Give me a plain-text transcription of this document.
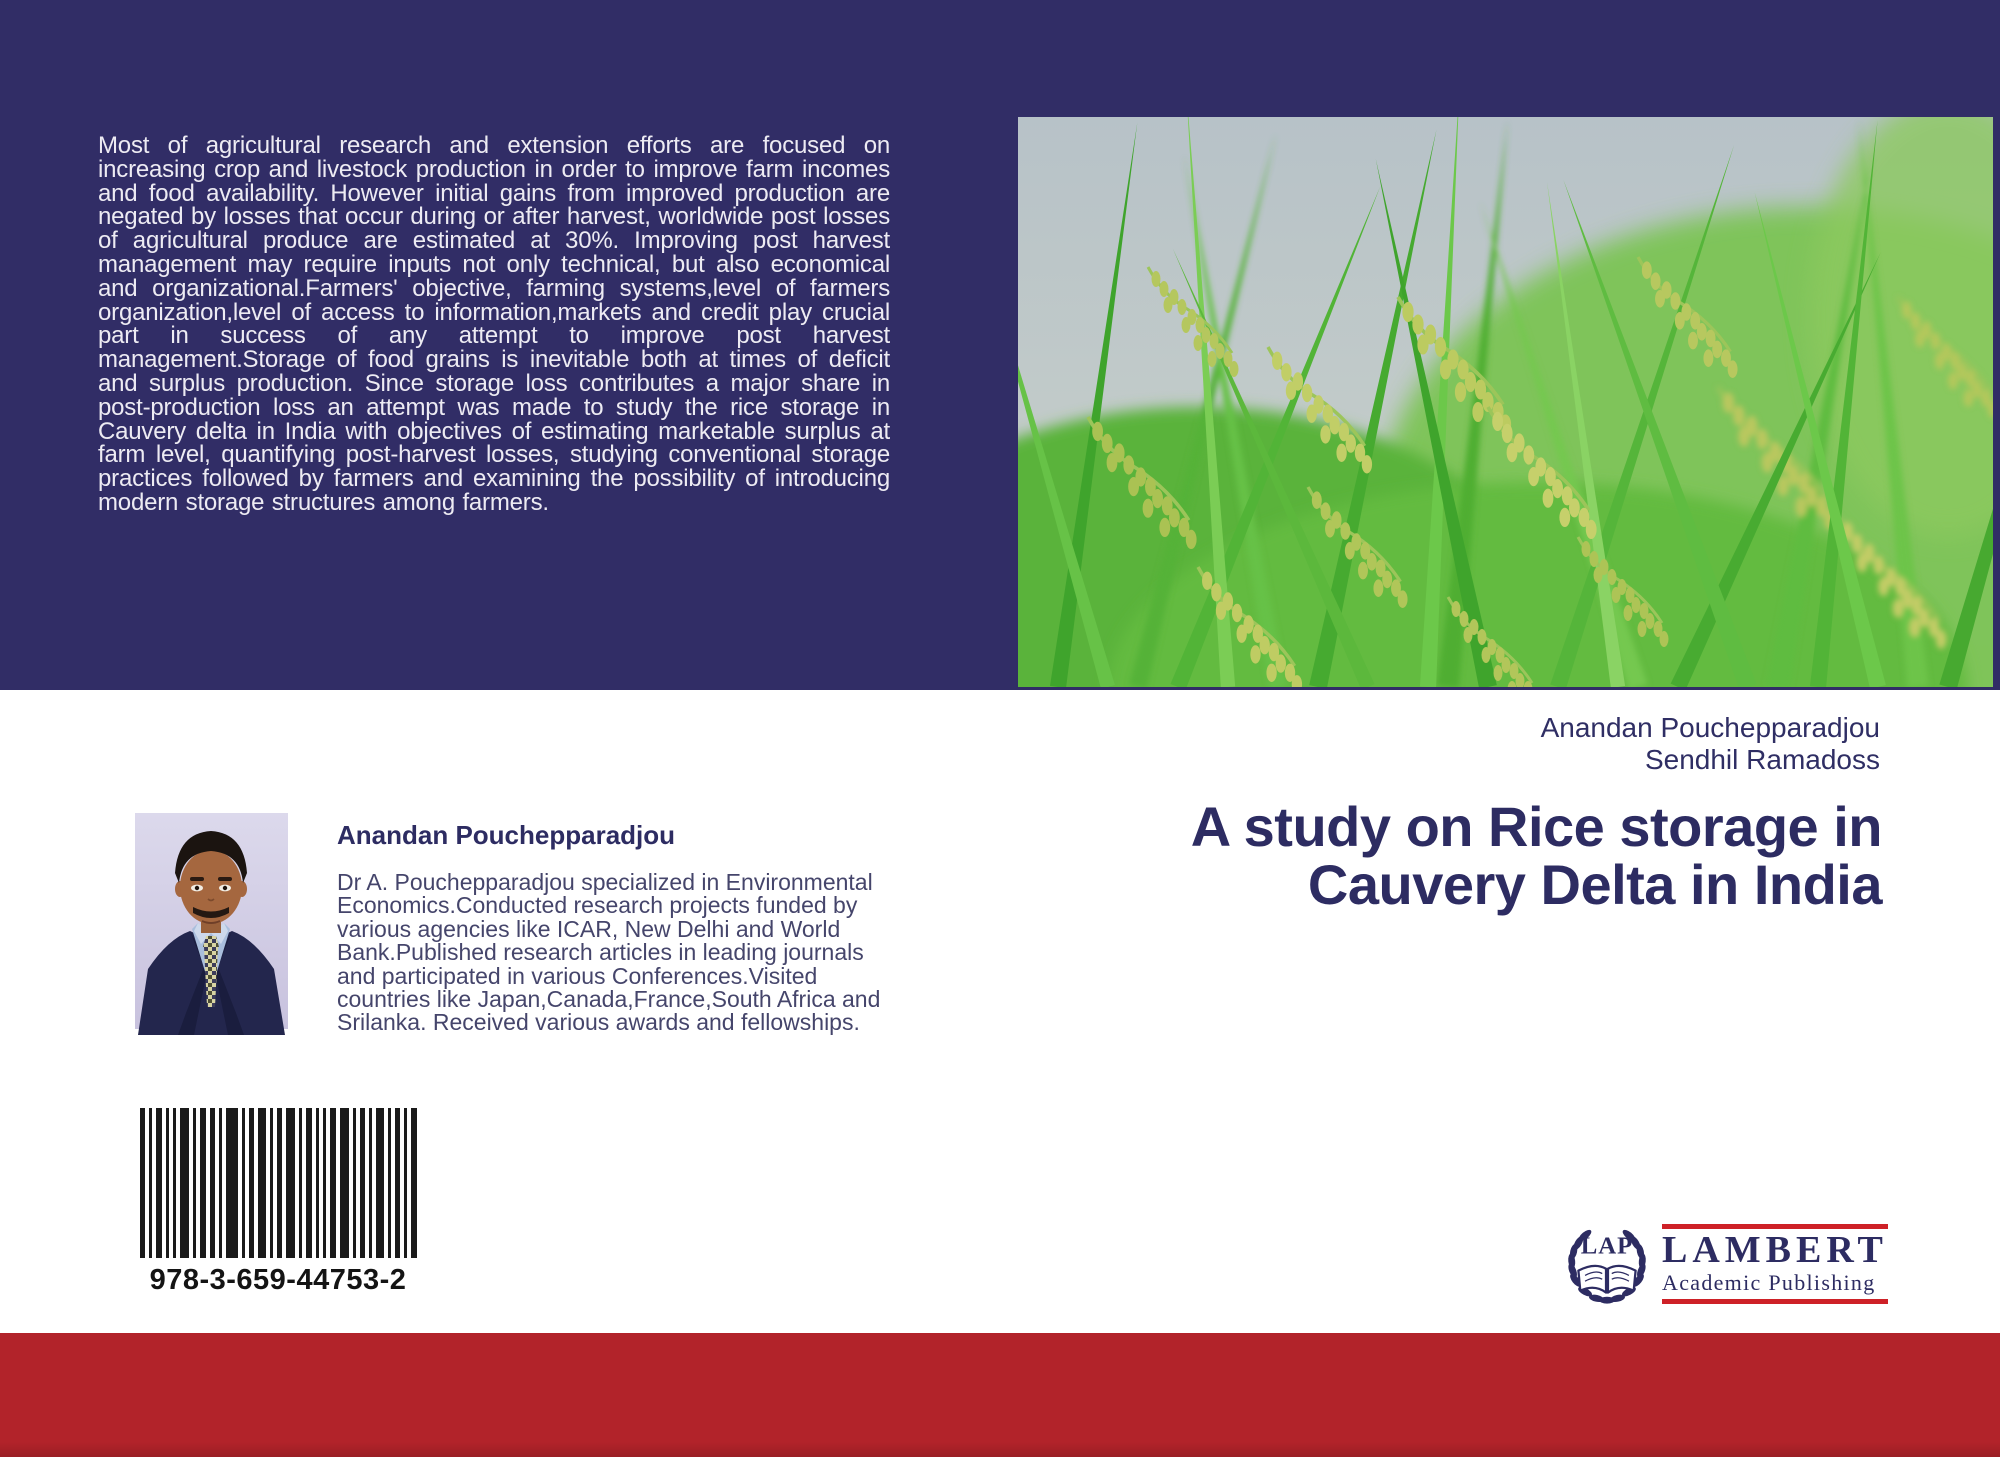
Most of agricultural research and extension efforts are focused on increasing crop and livestock production in order to improve farm incomes and food availability. However initial gains from improved production are negated by losses that occur during or after harvest, worldwide post losses of agricultural produce are estimated at 30%. Improving post harvest management may require inputs not only technical, but also economical and organizational.Farmers' objective, farming systems,level of farmers organization,level of access to information,markets and credit play crucial part in success of any attempt to improve post harvest management.Storage of food grains is inevitable both at times of deficit and surplus production. Since storage loss contributes a major share in post-production loss an attempt was made to study the rice storage in Cauvery delta in India with objectives of estimating marketable surplus at farm level, quantifying post-harvest losses, studying conventional storage practices followed by farmers and examining the possibility of introducing modern storage structures among farmers.

Anandan Pouchepparadjou
Sendhil Ramadoss
A study on Rice storage in
Cauvery Delta in India

Anandan Pouchepparadjou

Dr A. Pouchepparadjou specialized in Environmental Economics.Conducted research projects funded by various agencies like ICAR, New Delhi and World Bank.Published research articles in leading journals and participated in various Conferences.Visited countries like Japan,Canada,France,South Africa and Srilanka. Received various awards and fellowships.

978-3-659-44753-2
LAP LAMBERT
Academic Publishing
